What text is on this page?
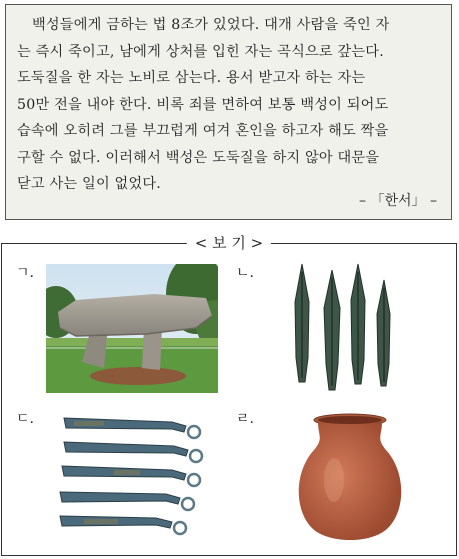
백성들에게 금하는 법 8조가 있었다. 대개 사람을 죽인 자
는 즉시 죽이고, 남에게 상처를 입힌 자는 곡식으로 갚는다.
도둑질을 한 자는 노비로 삼는다. 용서 받고자 하는 자는
50만 전을 내야 한다. 비록 죄를 면하여 보통 백성이 되어도
습속에 오히려 그를 부끄럽게 여겨 혼인을 하고자 해도 짝을
구할 수 없다. 이러해서 백성은 도둑질을 하지 않아 대문을
닫고 사는 일이 없었다.
– 「한서」 –
< 보 기 >
ㄱ.	ㄴ.
ㄷ.	ㄹ.
